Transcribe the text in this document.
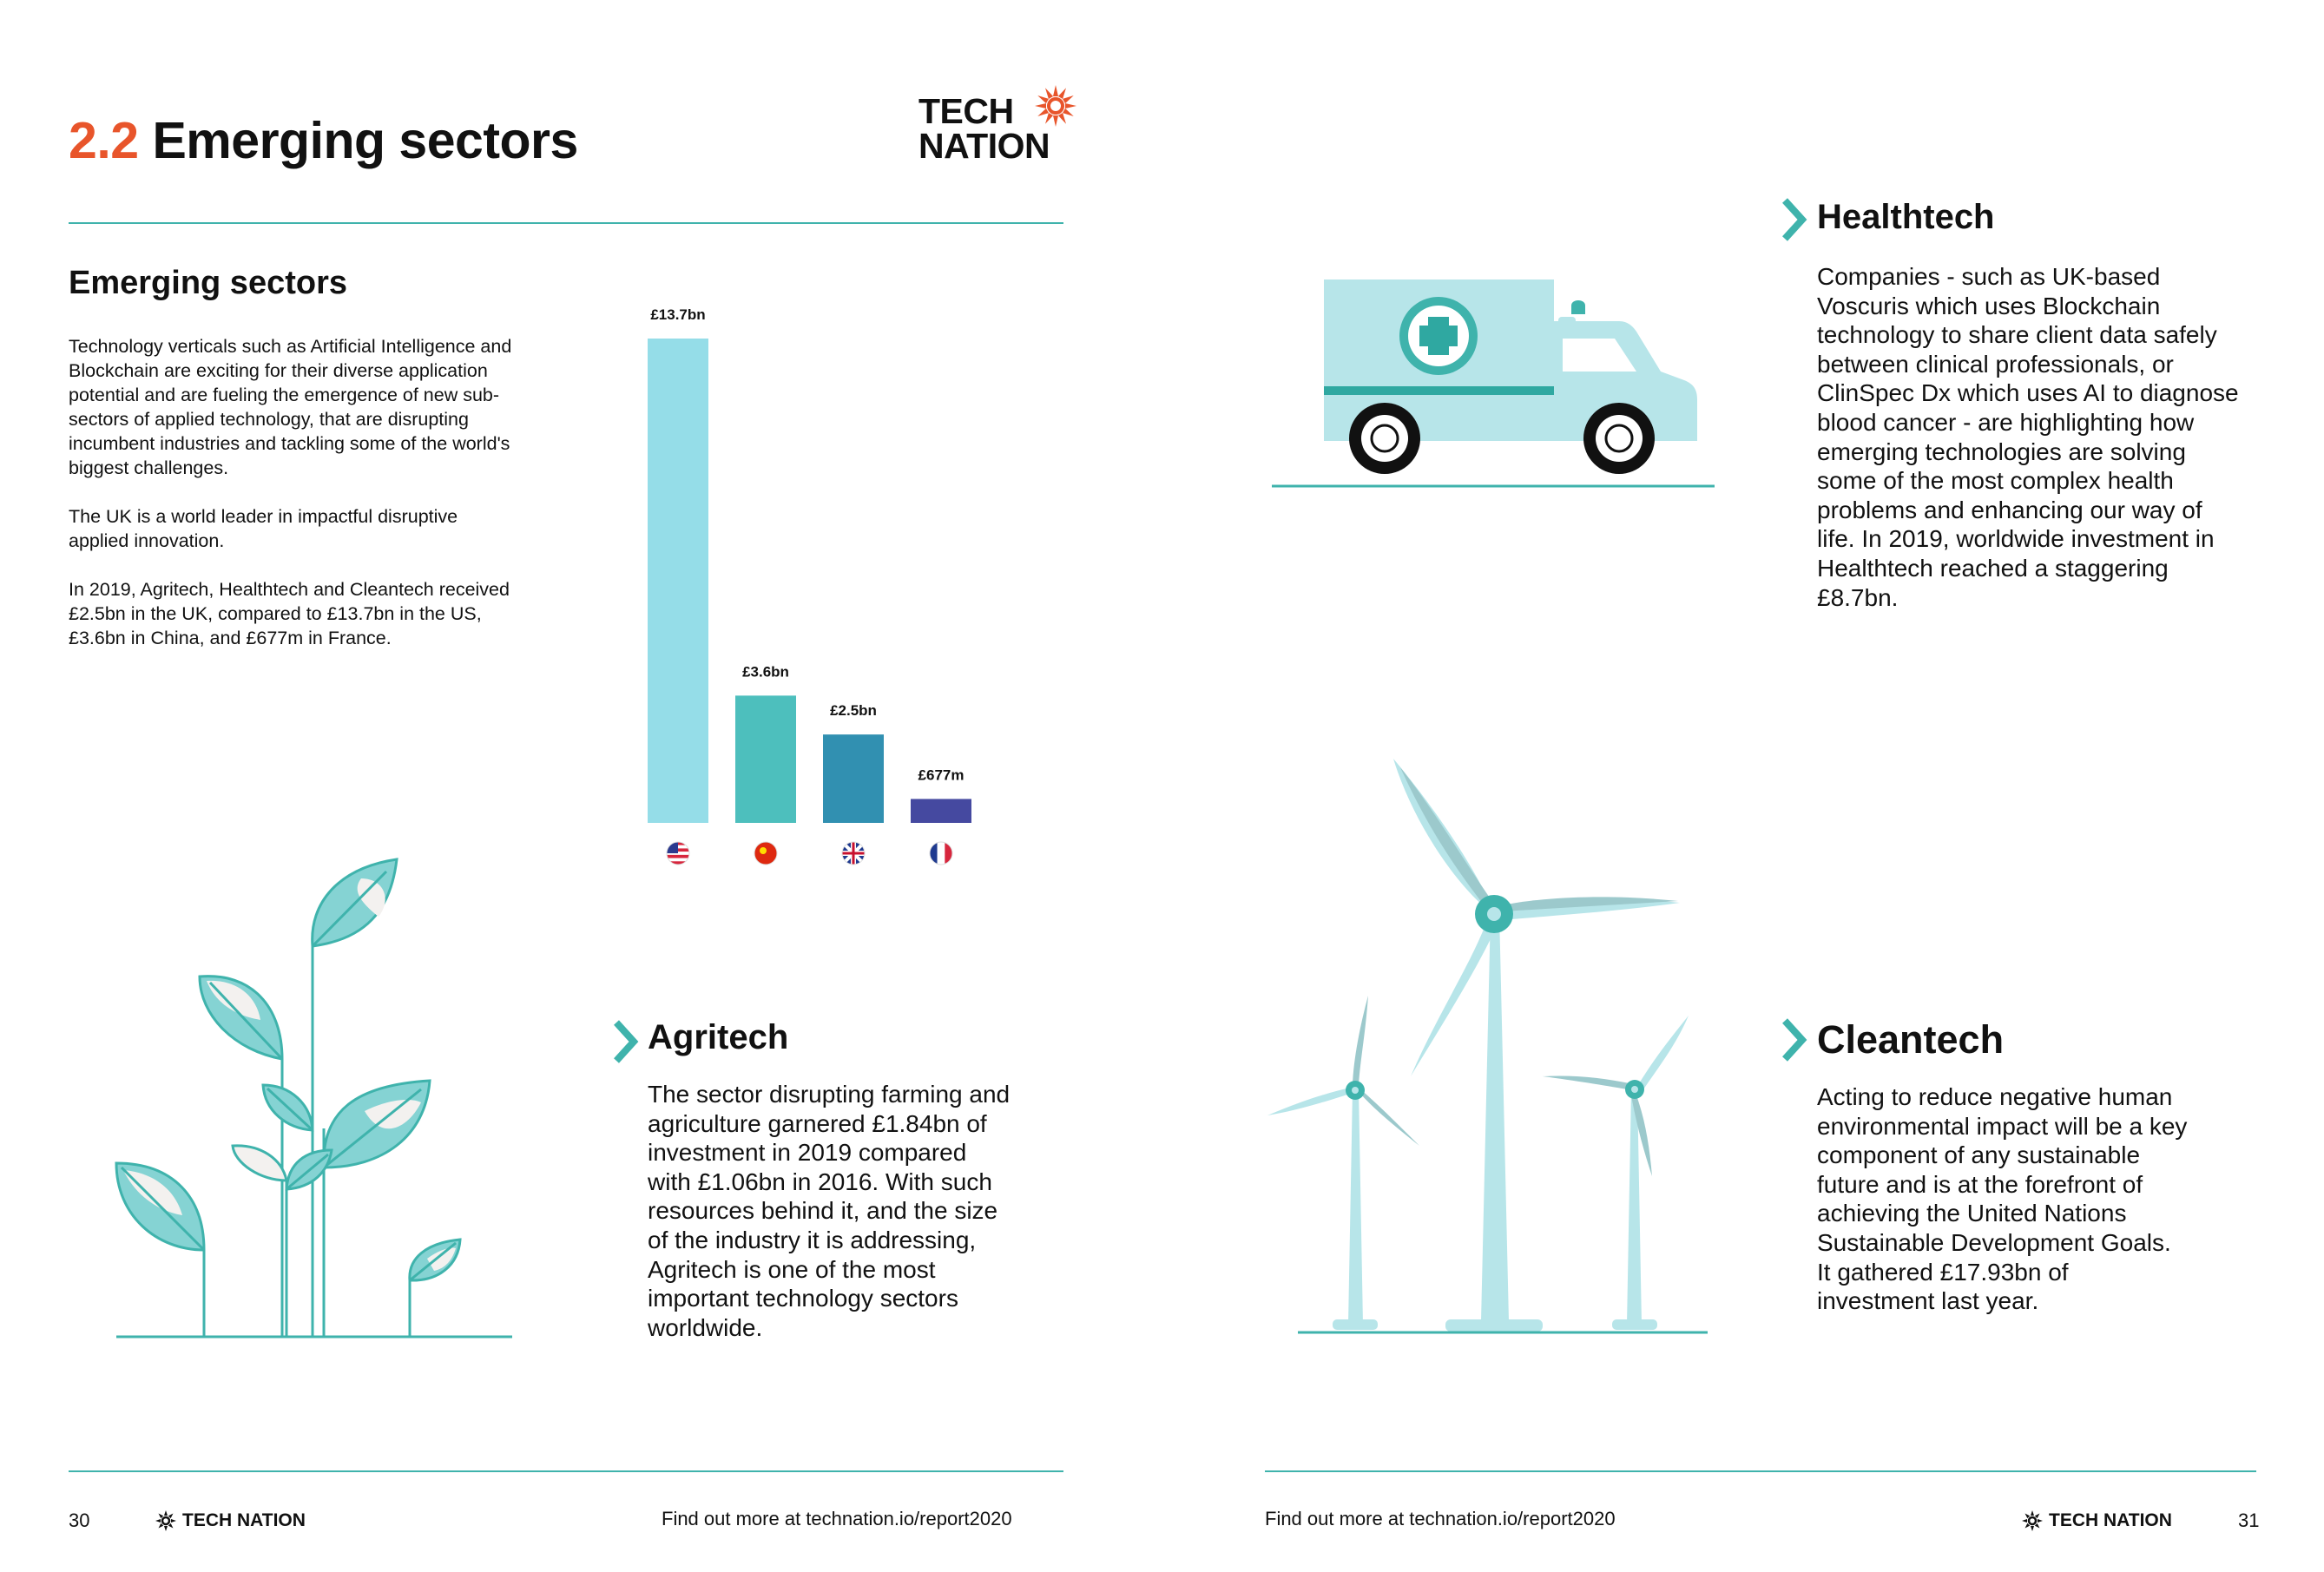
2.2 Emerging sectors
TECH
NATION
Emerging sectors

Technology verticals such as Artificial Intelligence and Blockchain are exciting for their diverse application potential and are fueling the emergence of new sub-sectors of applied technology, that are disrupting incumbent industries and tackling some of the world's biggest challenges.

The UK is a world leader in impactful disruptive applied innovation.

In 2019, Agritech, Healthtech and Cleantech received £2.5bn in the UK, compared to £13.7bn in the US, £3.6bn in China, and £677m in France.

£13.7bn
£3.6bn
£2.5bn
£677m
Agritech

The sector disrupting farming and agriculture garnered £1.84bn of investment in 2019 compared with £1.06bn in 2016. With such resources behind it, and the size of the industry it is addressing, Agritech is one of the most important technology sectors worldwide.

Healthtech

Companies - such as UK-based Voscuris which uses Blockchain technology to share client data safely between clinical professionals, or ClinSpec Dx which uses AI to diagnose blood cancer - are highlighting how emerging technologies are solving some of the most complex health problems and enhancing our way of life. In 2019, worldwide investment in Healthtech reached a staggering £8.7bn.

Cleantech

Acting to reduce negative human environmental impact will be a key component of any sustainable future and is at the forefront of achieving the United Nations Sustainable Development Goals. It gathered £17.93bn of investment last year.

30	TECH NATION	Find out more at technation.io/report2020	Find out more at technation.io/report2020	TECH NATION	31
